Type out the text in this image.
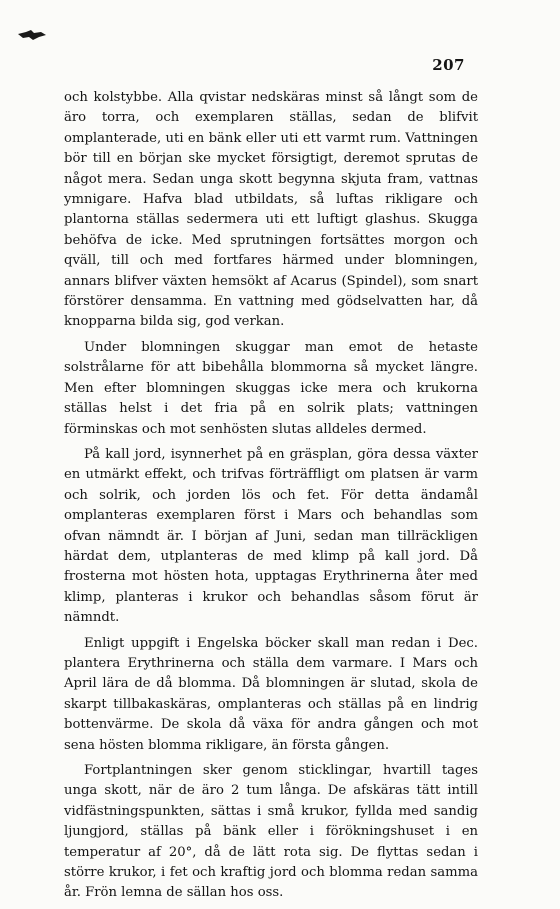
207

och kolstybbe. Alla qvistar nedskäras minst så långt som de äro torra, och exemplaren ställas, sedan de blifvit omplanterade, uti en bänk eller uti ett varmt rum. Vattningen bör till en början ske mycket försigtigt, deremot sprutas de något mera. Sedan unga skott begynna skjuta fram, vattnas ymnigare. Hafva blad utbildats, så luftas rikligare och plantorna ställas sedermera uti ett luftigt glashus. Skugga behöfva de icke. Med sprutningen fortsättes morgon och qväll, till och med fortfares härmed under blomningen, annars blifver växten hemsökt af Acarus (Spindel), som snart förstörer densamma. En vattning med gödselvatten har, då knopparna bilda sig, god verkan.

Under blomningen skuggar man emot de hetaste solstrålarne för att bibehålla blommorna så mycket längre. Men efter blomningen skuggas icke mera och krukorna ställas helst i det fria på en solrik plats; vattningen förminskas och mot senhösten slutas alldeles dermed.

På kall jord, isynnerhet på en gräsplan, göra dessa växter en utmärkt effekt, och trifvas förträffligt om platsen är varm och solrik, och jorden lös och fet. För detta ändamål omplanteras exemplaren först i Mars och behandlas som ofvan nämndt är. I början af Juni, sedan man tillräckligen härdat dem, utplanteras de med klimp på kall jord. Då frosterna mot hösten hota, upptagas Erythrinerna åter med klimp, planteras i krukor och behandlas såsom förut är nämndt.

Enligt uppgift i Engelska böcker skall man redan i Dec. plantera Erythrinerna och ställa dem varmare. I Mars och April lära de då blomma. Då blomningen är slutad, skola de skarpt tillbakaskäras, omplanteras och ställas på en lindrig bottenvärme. De skola då växa för andra gången och mot sena hösten blomma rikligare, än första gången.

Fortplantningen sker genom sticklingar, hvartill tages unga skott, när de äro 2 tum långa. De afskäras tätt intill vidfästningspunkten, sättas i små krukor, fyllda med sandig ljungjord, ställas på bänk eller i förökningshuset i en temperatur af 20°, då de lätt rota sig. De flyttas sedan i större krukor, i fet och kraftig jord och blomma redan samma år. Frön lemna de sällan hos oss.
